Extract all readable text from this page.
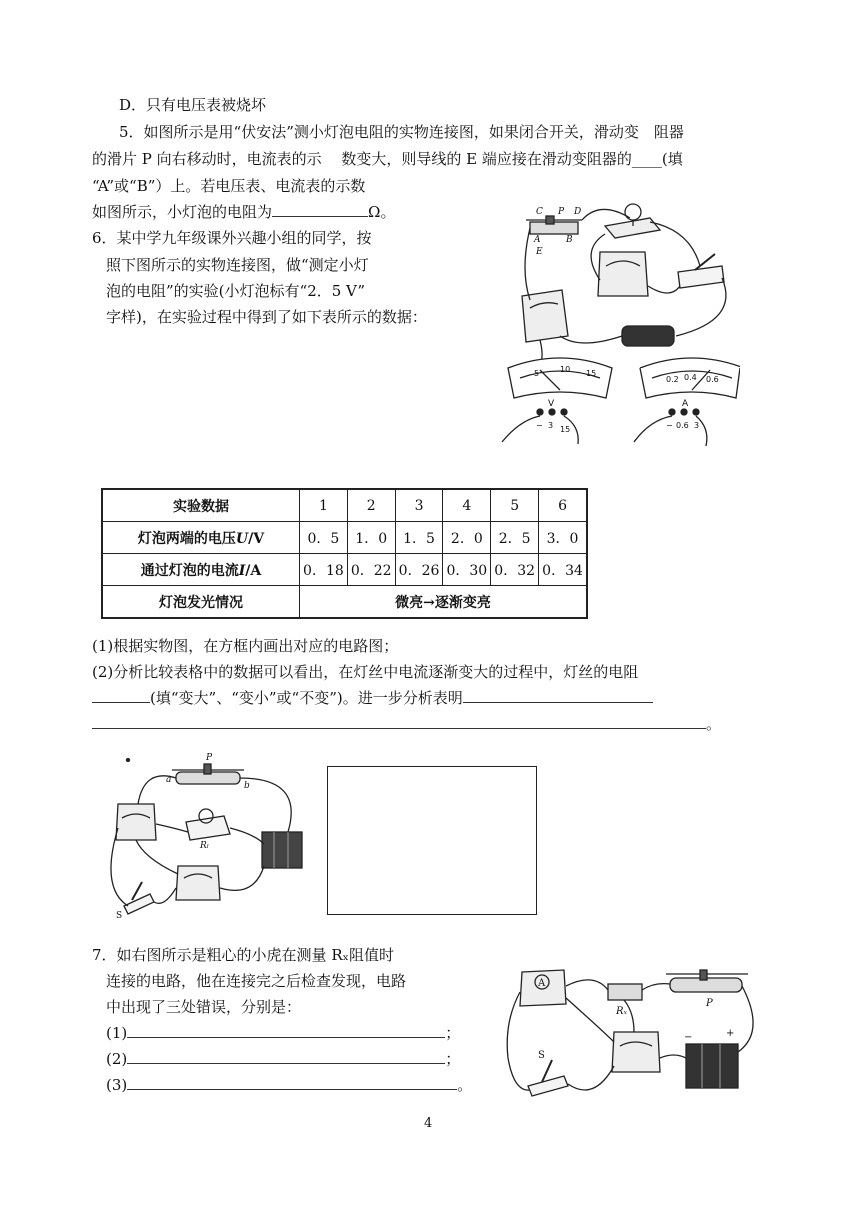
D．只有电压表被烧坏
5．如图所示是用“伏安法”测小灯泡电阻的实物连接图，如果闭合开关，滑动变　阻器
的滑片 P 向右移动时，电流表的示　 数变大，则导线的 E 端应接在滑动变阻器的____(填
“A”或“B”）上。若电压表、电流表的示数
如图所示，小灯泡的电阻为	Ω。
6．某中学九年级课外兴趣小组的同学，按
照下图所示的实物连接图，做“测定小灯
泡的电阻”的实验(小灯泡标有“2．5 V”
字样)，在实验过程中得到了如下表所示的数据：
C P D
A	B
E
5	10 15
0.2 0.4 0.6
V	A
− 3 15	− 0.6 3
实验数据	1	2	3	4	5	6
灯泡两端的电压U/V	0．5	1．0	1．5	2．0	2．5	3．0
通过灯泡的电流I/A	0．18	0．22	0．26	0．30	0．32	0．34
灯泡发光情况	微亮→逐渐变亮					
(1)根据实物图，在方框内画出对应的电路图；
(2)分析比较表格中的数据可以看出，在灯丝中电流逐渐变大的过程中，灯丝的电阻
(填“变大”、“变小”或“不变”)。进一步分析表明
。
P
a
b
Rₗ
S
7．如右图所示是粗心的小虎在测量 Rₓ阻值时
连接的电路，他在连接完之后检查发现，电路
中出现了三处错误，分别是：
(1)	；
(2)	；
(3)	。
A
Rₓ
P
S
−	+
4
